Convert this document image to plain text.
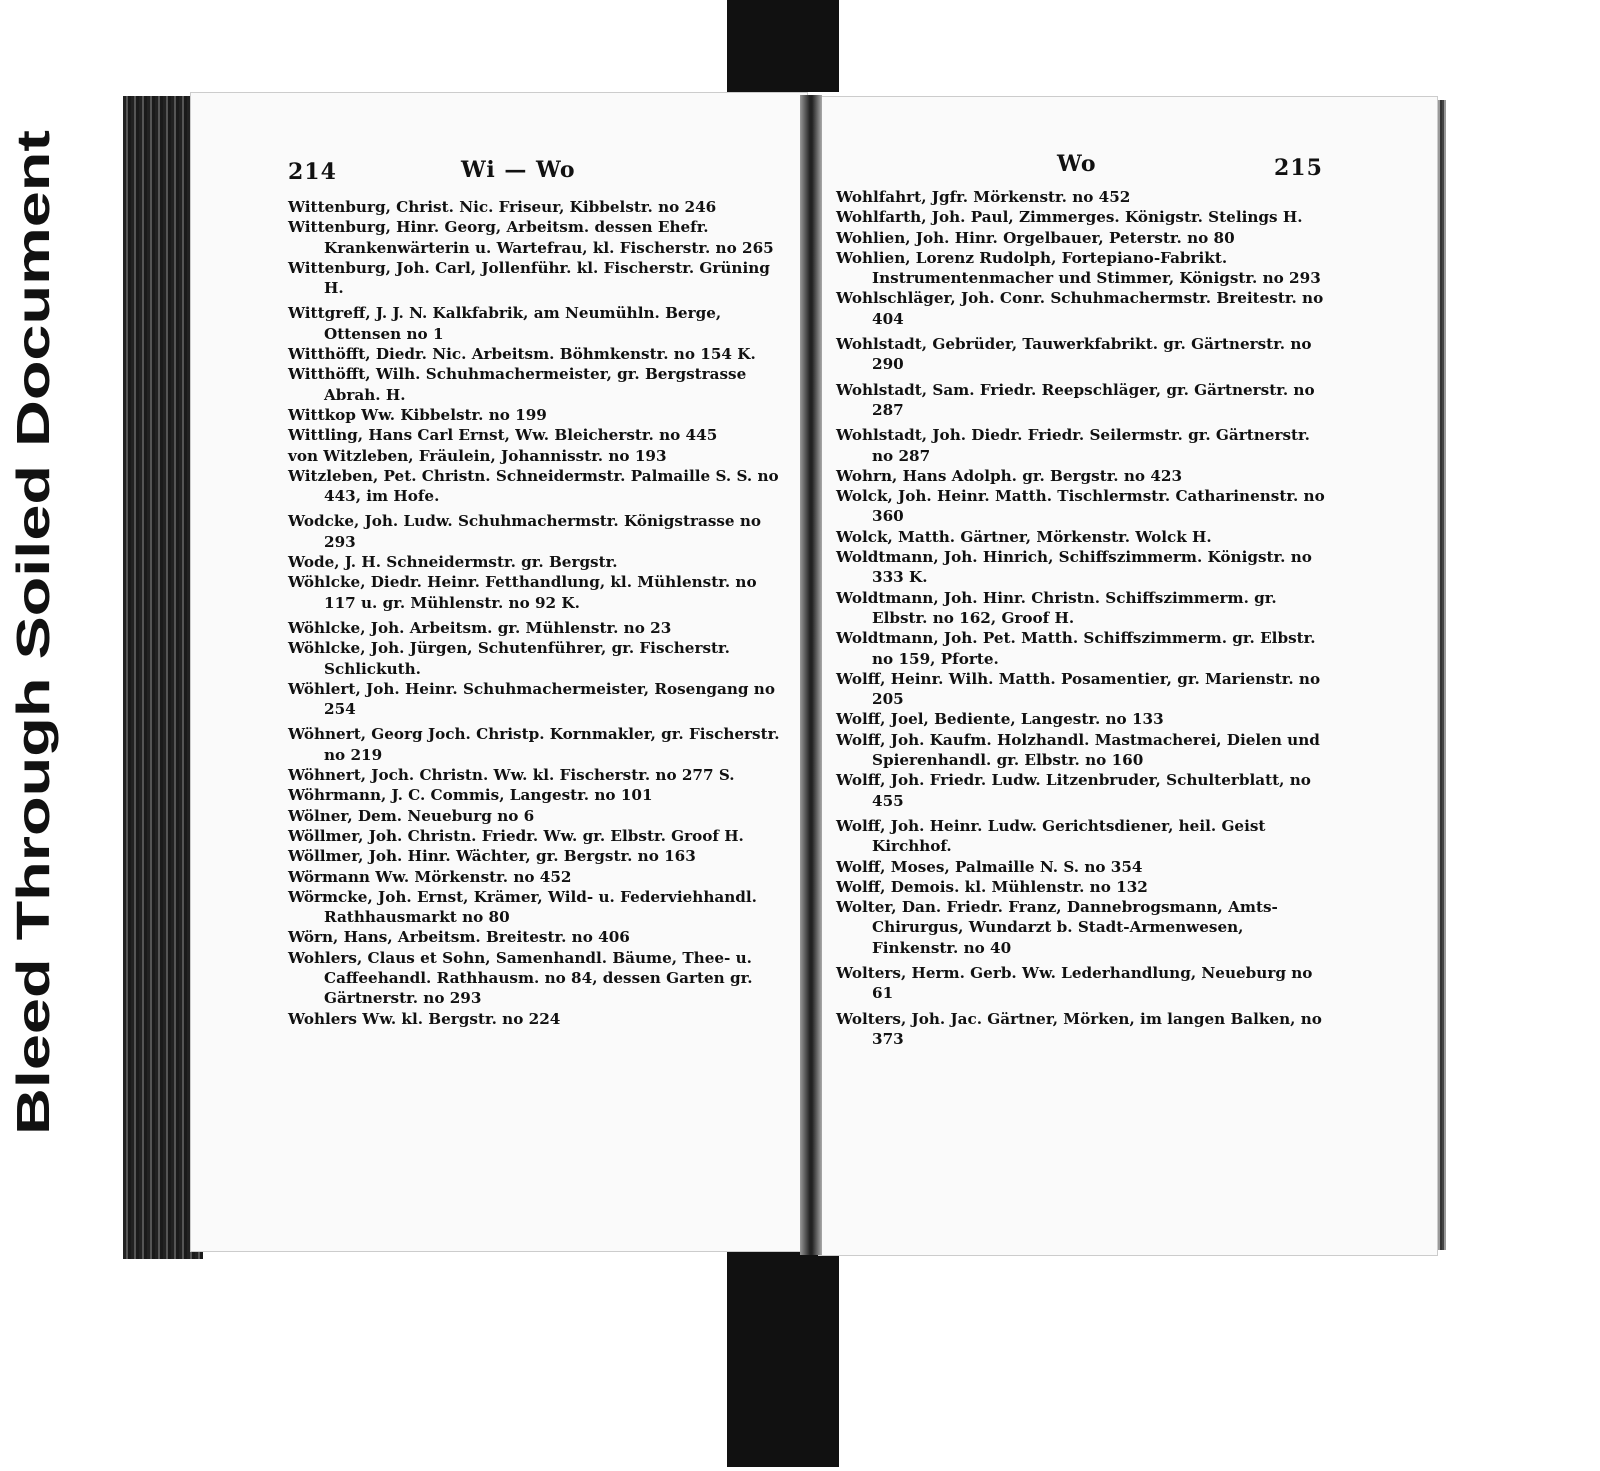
Bleed Through Soiled Document
214	Wi — Wo

Wittenburg, Christ. Nic. Friseur, Kibbelstr. no 246

Wittenburg, Hinr. Georg, Arbeitsm. dessen Ehefr. Krankenwärterin u. Wartefrau, kl. Fischerstr. no 265

Wittenburg, Joh. Carl, Jollenführ. kl. Fischerstr. Grüning H.

Wittgreff, J. J. N. Kalkfabrik, am Neumühln. Berge, Ottensen no 1

Witthöfft, Diedr. Nic. Arbeitsm. Böhmkenstr. no 154 K.

Witthöfft, Wilh. Schuhmachermeister, gr. Bergstrasse Abrah. H.

Wittkop Ww. Kibbelstr. no 199

Wittling, Hans Carl Ernst, Ww. Bleicherstr. no 445

von Witzleben, Fräulein, Johannisstr. no 193

Witzleben, Pet. Christn. Schneidermstr. Palmaille S. S. no 443, im Hofe.

Wodcke, Joh. Ludw. Schuhmachermstr. Königstrasse no 293

Wode, J. H. Schneidermstr. gr. Bergstr.

Wöhlcke, Diedr. Heinr. Fetthandlung, kl. Mühlenstr. no 117 u. gr. Mühlenstr. no 92 K.

Wöhlcke, Joh. Arbeitsm. gr. Mühlenstr. no 23

Wöhlcke, Joh. Jürgen, Schutenführer, gr. Fischerstr. Schlickuth.

Wöhlert, Joh. Heinr. Schuhmachermeister, Rosengang no 254

Wöhnert, Georg Joch. Christp. Kornmakler, gr. Fischerstr. no 219

Wöhnert, Joch. Christn. Ww. kl. Fischerstr. no 277 S.

Wöhrmann, J. C. Commis, Langestr. no 101

Wölner, Dem. Neueburg no 6

Wöllmer, Joh. Christn. Friedr. Ww. gr. Elbstr. Groof H.

Wöllmer, Joh. Hinr. Wächter, gr. Bergstr. no 163

Wörmann Ww. Mörkenstr. no 452

Wörmcke, Joh. Ernst, Krämer, Wild- u. Federviehhandl. Rathhausmarkt no 80

Wörn, Hans, Arbeitsm. Breitestr. no 406

Wohlers, Claus et Sohn, Samenhandl. Bäume, Thee- u. Caffeehandl. Rathhausm. no 84, dessen Garten gr. Gärtnerstr. no 293

Wohlers Ww. kl. Bergstr. no 224

Wo	215

Wohlfahrt, Jgfr. Mörkenstr. no 452

Wohlfarth, Joh. Paul, Zimmerges. Königstr. Stelings H.

Wohlien, Joh. Hinr. Orgelbauer, Peterstr. no 80

Wohlien, Lorenz Rudolph, Fortepiano-Fabrikt. Instrumentenmacher und Stimmer, Königstr. no 293

Wohlschläger, Joh. Conr. Schuhmachermstr. Breitestr. no 404

Wohlstadt, Gebrüder, Tauwerkfabrikt. gr. Gärtnerstr. no 290

Wohlstadt, Sam. Friedr. Reepschläger, gr. Gärtnerstr. no 287

Wohlstadt, Joh. Diedr. Friedr. Seilermstr. gr. Gärtnerstr. no 287

Wohrn, Hans Adolph. gr. Bergstr. no 423

Wolck, Joh. Heinr. Matth. Tischlermstr. Catharinenstr. no 360

Wolck, Matth. Gärtner, Mörkenstr. Wolck H.

Woldtmann, Joh. Hinrich, Schiffszimmerm. Königstr. no 333 K.

Woldtmann, Joh. Hinr. Christn. Schiffszimmerm. gr. Elbstr. no 162, Groof H.

Woldtmann, Joh. Pet. Matth. Schiffszimmerm. gr. Elbstr. no 159, Pforte.

Wolff, Heinr. Wilh. Matth. Posamentier, gr. Marienstr. no 205

Wolff, Joel, Bediente, Langestr. no 133

Wolff, Joh. Kaufm. Holzhandl. Mastmacherei, Dielen und Spierenhandl. gr. Elbstr. no 160

Wolff, Joh. Friedr. Ludw. Litzenbruder, Schulterblatt, no 455

Wolff, Joh. Heinr. Ludw. Gerichtsdiener, heil. Geist Kirchhof.

Wolff, Moses, Palmaille N. S. no 354

Wolff, Demois. kl. Mühlenstr. no 132

Wolter, Dan. Friedr. Franz, Dannebrogsmann, Amts-Chirurgus, Wundarzt b. Stadt-Armenwesen, Finkenstr. no 40

Wolters, Herm. Gerb. Ww. Lederhandlung, Neueburg no 61

Wolters, Joh. Jac. Gärtner, Mörken, im langen Balken, no 373
